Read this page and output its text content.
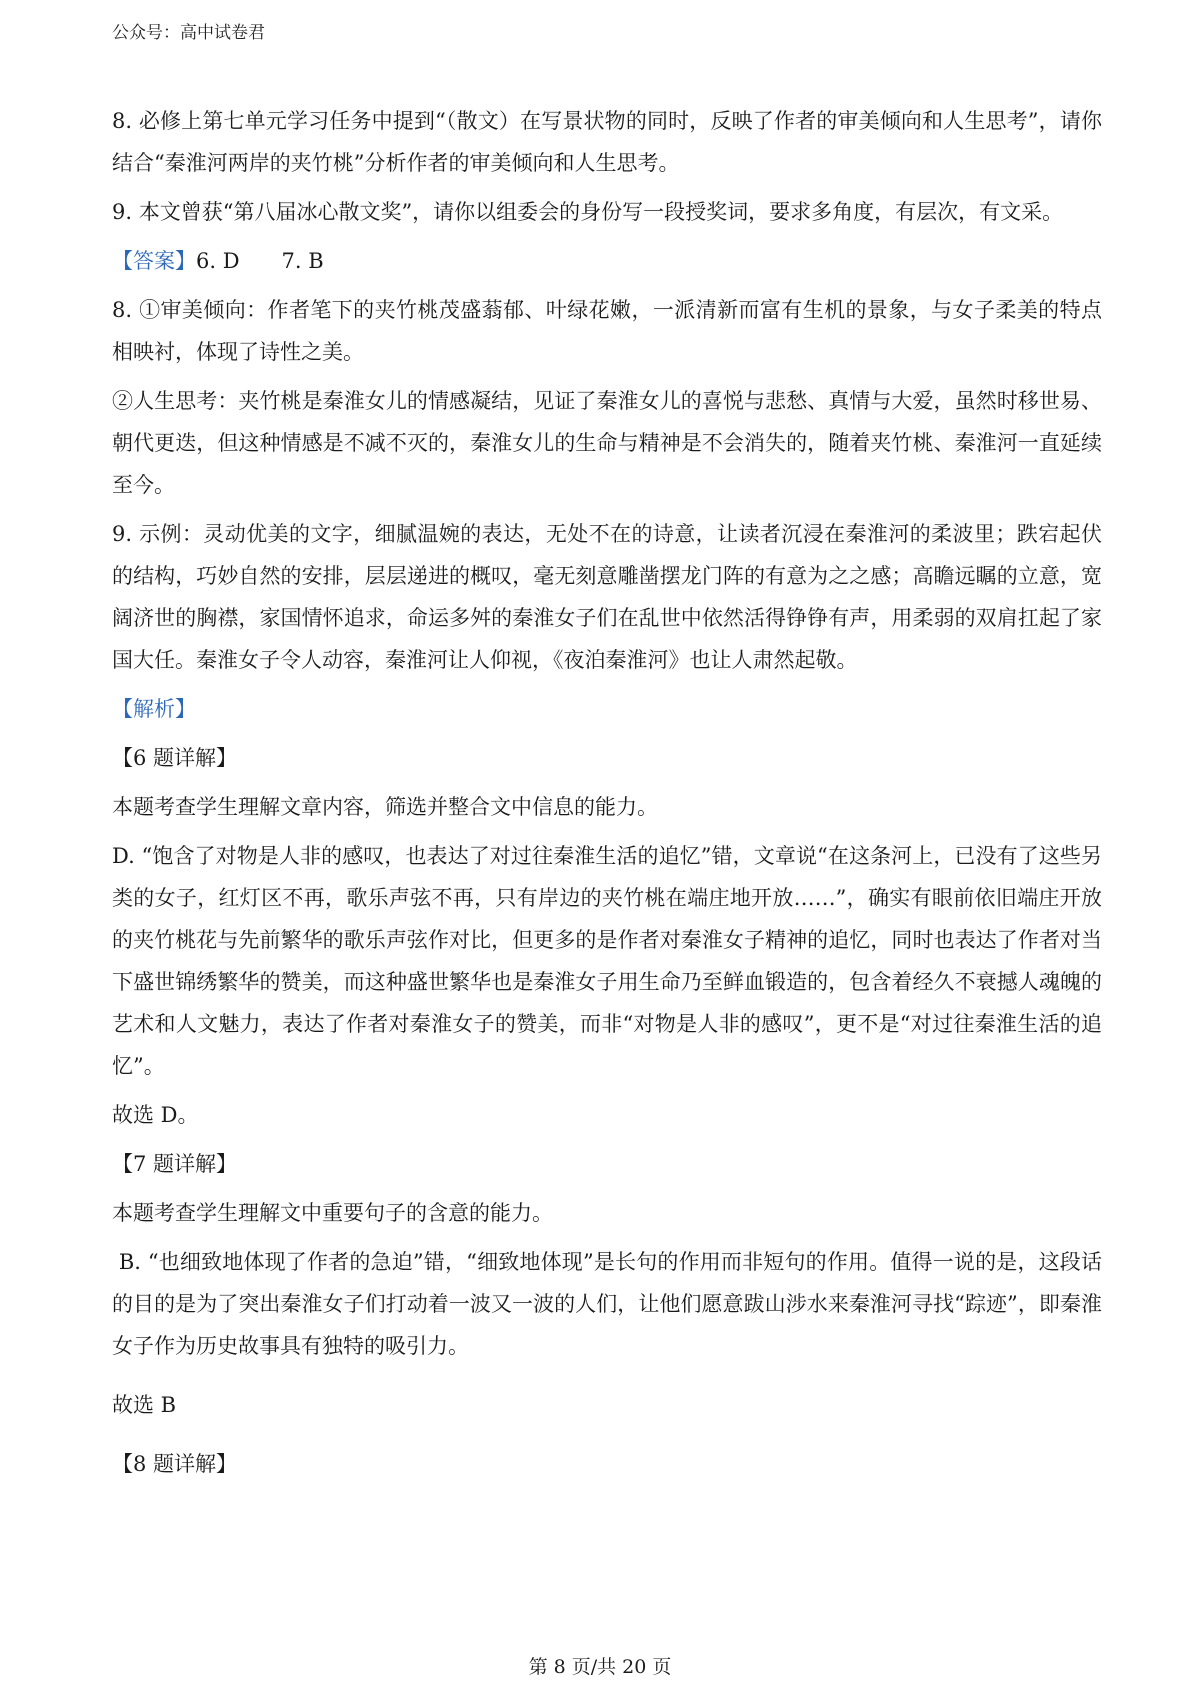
公众号：高中试卷君

8. 必修上第七单元学习任务中提到“（散文）在写景状物的同时，反映了作者的审美倾向和人生思考”，请你结合“秦淮河两岸的夹竹桃”分析作者的审美倾向和人生思考。

9. 本文曾获“第八届冰心散文奖”，请你以组委会的身份写一段授奖词，要求多角度，有层次，有文采。

【答案】6. D　　7. B

8. ①审美倾向：作者笔下的夹竹桃茂盛蓊郁、叶绿花嫩，一派清新而富有生机的景象，与女子柔美的特点相映衬，体现了诗性之美。

②人生思考：夹竹桃是秦淮女儿的情感凝结，见证了秦淮女儿的喜悦与悲愁、真情与大爱，虽然时移世易、朝代更迭，但这种情感是不减不灭的，秦淮女儿的生命与精神是不会消失的，随着夹竹桃、秦淮河一直延续至今。

9. 示例：灵动优美的文字，细腻温婉的表达，无处不在的诗意，让读者沉浸在秦淮河的柔波里；跌宕起伏的结构，巧妙自然的安排，层层递进的概叹，毫无刻意雕凿摆龙门阵的有意为之之感；高瞻远瞩的立意，宽阔济世的胸襟，家国情怀追求，命运多舛的秦淮女子们在乱世中依然活得铮铮有声，用柔弱的双肩扛起了家国大任。秦淮女子令人动容，秦淮河让人仰视，《夜泊秦淮河》也让人肃然起敬。

【解析】

【6 题详解】

本题考查学生理解文章内容，筛选并整合文中信息的能力。

D. “饱含了对物是人非的感叹，也表达了对过往秦淮生活的追忆”错，文章说“在这条河上，已没有了这些另类的女子，红灯区不再，歌乐声弦不再，只有岸边的夹竹桃在端庄地开放……”，确实有眼前依旧端庄开放的夹竹桃花与先前繁华的歌乐声弦作对比，但更多的是作者对秦淮女子精神的追忆，同时也表达了作者对当下盛世锦绣繁华的赞美，而这种盛世繁华也是秦淮女子用生命乃至鲜血锻造的，包含着经久不衰撼人魂魄的艺术和人文魅力，表达了作者对秦淮女子的赞美，而非“对物是人非的感叹”，更不是“对过往秦淮生活的追忆”。

故选 D。

【7 题详解】

本题考查学生理解文中重要句子的含意的能力。

B. “也细致地体现了作者的急迫”错，“细致地体现”是长句的作用而非短句的作用。值得一说的是，这段话的目的是为了突出秦淮女子们打动着一波又一波的人们，让他们愿意跋山涉水来秦淮河寻找“踪迹”，即秦淮女子作为历史故事具有独特的吸引力。

故选 B

【8 题详解】

第 8 页/共 20 页
